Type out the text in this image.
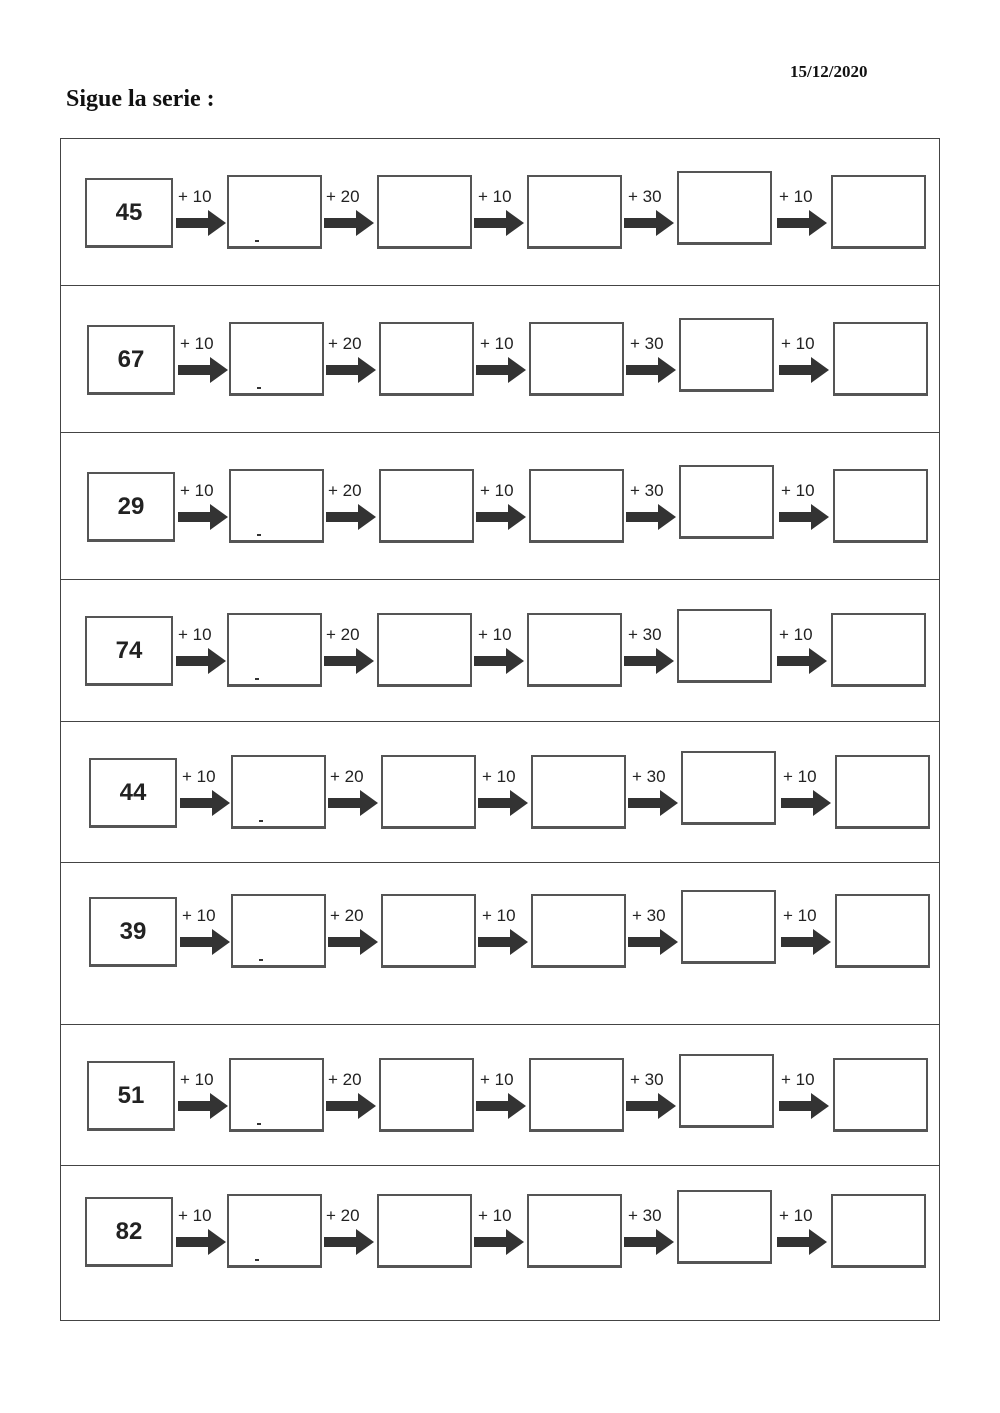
15/12/2020
Sigue la serie :
45
+ 10	+ 20	+ 10	+ 30	+ 10
67
+ 10	+ 20	+ 10	+ 30	+ 10
29
+ 10	+ 20	+ 10	+ 30	+ 10
74
+ 10	+ 20	+ 10	+ 30	+ 10
44
+ 10	+ 20	+ 10	+ 30	+ 10
39
+ 10	+ 20	+ 10	+ 30	+ 10
51
+ 10	+ 20	+ 10	+ 30	+ 10
82
+ 10	+ 20	+ 10	+ 30	+ 10
